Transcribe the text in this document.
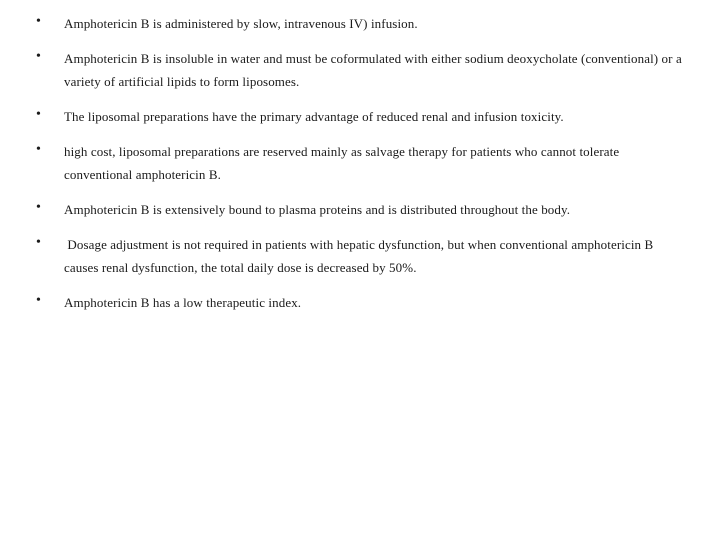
• Amphotericin B is administered by slow, intravenous IV) infusion.
• Amphotericin B is insoluble in water and must be coformulated with either sodium deoxycholate (conventional) or a variety of artificial lipids to form liposomes.
• The liposomal preparations have the primary advantage of reduced renal and infusion toxicity.
• high cost, liposomal preparations are reserved mainly as salvage therapy for patients who cannot tolerate conventional amphotericin B.
• Amphotericin B is extensively bound to plasma proteins and is distributed throughout the body.
• Dosage adjustment is not required in patients with hepatic dysfunction, but when conventional amphotericin B causes renal dysfunction, the total daily dose is decreased by 50%.
• Amphotericin B has a low therapeutic index.
